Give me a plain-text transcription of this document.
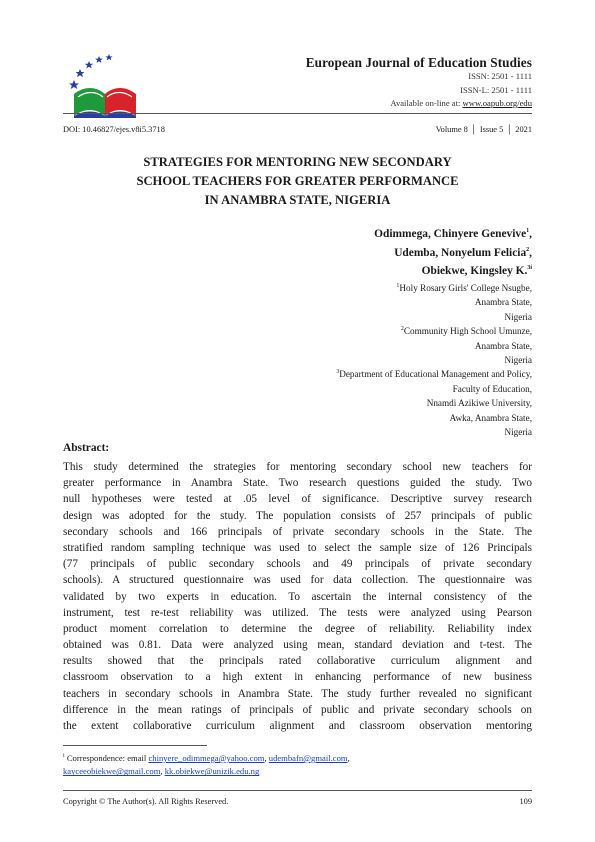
European Journal of Education Studies
ISSN: 2501 - 1111
ISSN-L: 2501 - 1111
Available on-line at: www.oapub.org/edu
DOI: 10.46827/ejes.v8i5.3718	Volume 8 │ Issue 5 │ 2021
STRATEGIES FOR MENTORING NEW SECONDARY
SCHOOL TEACHERS FOR GREATER PERFORMANCE
IN ANAMBRA STATE, NIGERIA
Odimmega, Chinyere Genevive$^1$,
Udemba, Nonyelum Felicia$^2$,
Obiekwe, Kingsley K.$^{3i}$
$^1$Holy Rosary Girls' College Nsugbe,
Anambra State,
Nigeria
$^2$Community High School Umunze,
Anambra State,
Nigeria
$^3$Department of Educational Management and Policy,
Faculty of Education,
Nnamdi Azikiwe University,
Awka, Anambra State,
Nigeria
Abstract:
This study determined the strategies for mentoring secondary school new teachers for
greater performance in Anambra State. Two research questions guided the study. Two
null hypotheses were tested at .05 level of significance. Descriptive survey research
design was adopted for the study. The population consists of 257 principals of public
secondary schools and 166 principals of private secondary schools in the State. The
stratified random sampling technique was used to select the sample size of 126 Principals
(77 principals of public secondary schools and 49 principals of private secondary
schools). A structured questionnaire was used for data collection. The questionnaire was
validated by two experts in education. To ascertain the internal consistency of the
instrument, test re-test reliability was utilized. The tests were analyzed using Pearson
product moment correlation to determine the degree of reliability. Reliability index
obtained was 0.81. Data were analyzed using mean, standard deviation and t-test. The
results showed that the principals rated collaborative curriculum alignment and
classroom observation to a high extent in enhancing performance of new business
teachers in secondary schools in Anambra State. The study further revealed no significant
difference in the mean ratings of principals of public and private secondary schools on
the extent collaborative curriculum alignment and classroom observation mentoring
$^i$ Correspondence: email chinyere_odimmega@yahoo.com, udembafn@gmail.com,
kayceeobiekwe@gmail.com, kk.obiekwe@unizik.edu.ng
Copyright © The Author(s). All Rights Reserved.	109
